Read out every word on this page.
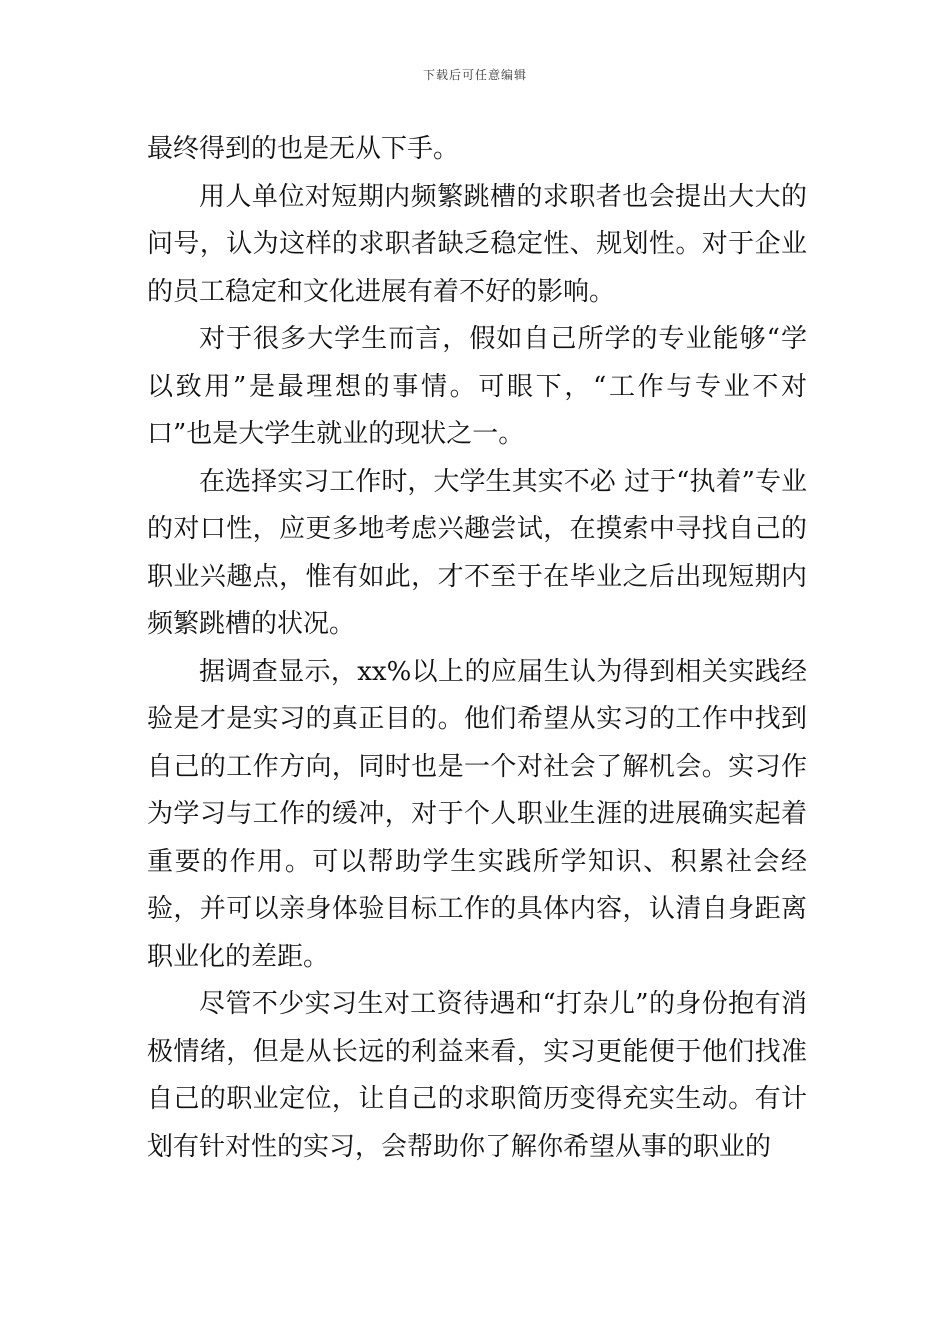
下载后可任意编辑

最终得到的也是无从下手。

用人单位对短期内频繁跳槽的求职者也会提出大大的问号，认为这样的求职者缺乏稳定性、规划性。对于企业的员工稳定和文化进展有着不好的影响。

对于很多大学生而言，假如自己所学的专业能够“学以致用”是最理想的事情。可眼下，“工作与专业不对口”也是大学生就业的现状之一。

在选择实习工作时，大学生其实不必 过于“执着”专业的对口性，应更多地考虑兴趣尝试，在摸索中寻找自己的职业兴趣点，惟有如此，才不至于在毕业之后出现短期内频繁跳槽的状况。

据调查显示，xx%以上的应届生认为得到相关实践经验是才是实习的真正目的。他们希望从实习的工作中找到自己的工作方向，同时也是一个对社会了解机会。实习作为学习与工作的缓冲，对于个人职业生涯的进展确实起着重要的作用。可以帮助学生实践所学知识、积累社会经验，并可以亲身体验目标工作的具体内容，认清自身距离职业化的差距。

尽管不少实习生对工资待遇和“打杂儿”的身份抱有消极情绪，但是从长远的利益来看，实习更能便于他们找准自己的职业定位，让自己的求职简历变得充实生动。有计划有针对性的实习，会帮助你了解你希望从事的职业的
